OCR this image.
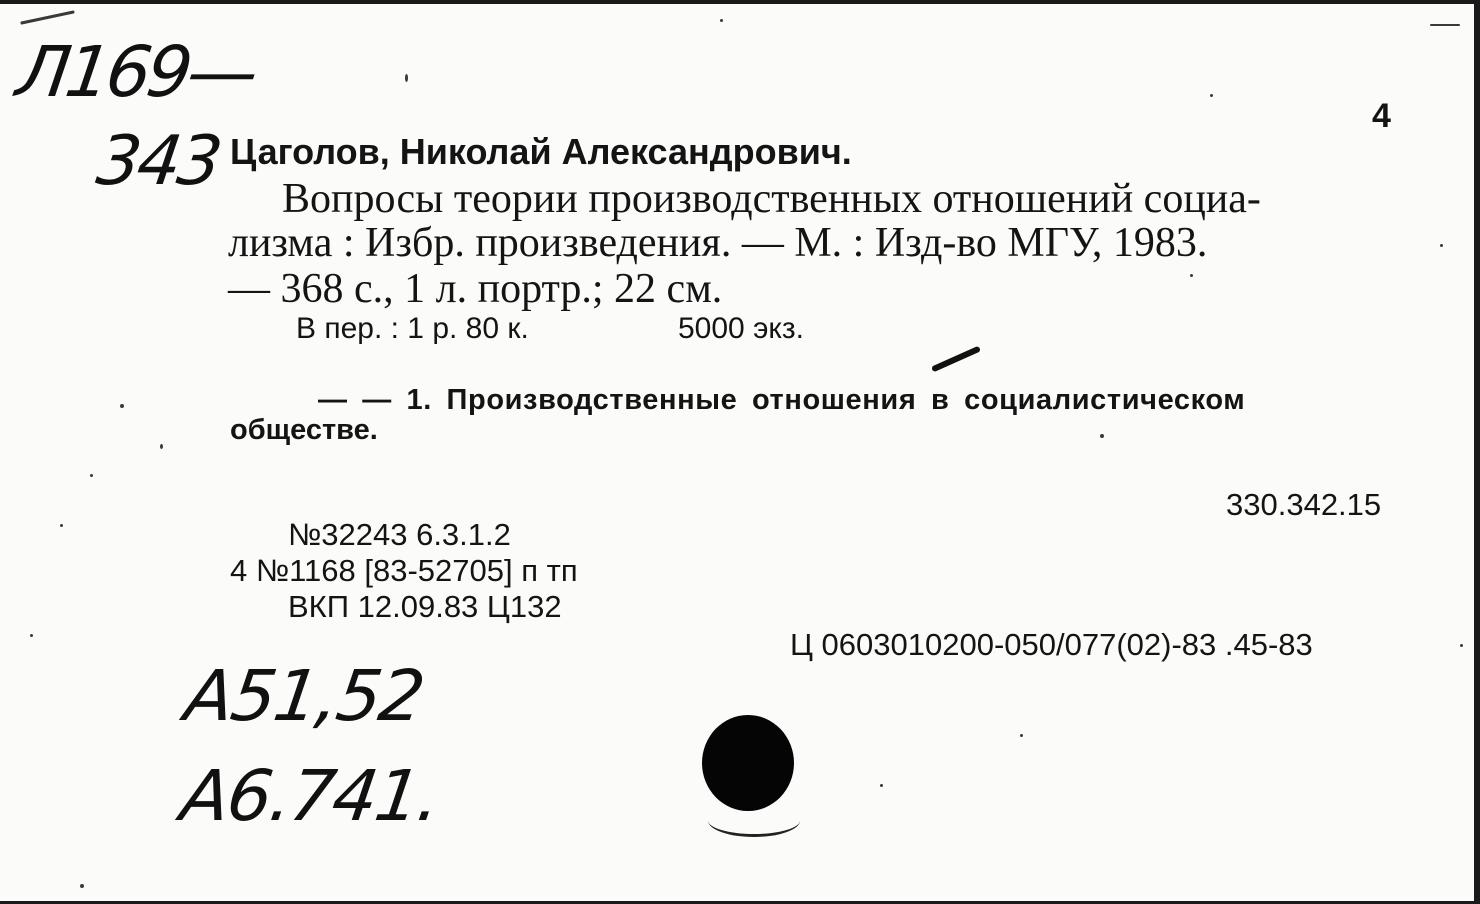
Л169—
343
4
Цаголов, Николай Александрович.
Вопросы теории производственных отношений социа-
лизма : Избр. произведения. — М. : Изд-во МГУ, 1983.
— 368 с., 1 л. портр.; 22 см.
В пер. : 1 р. 80 к.	5000 экз.
— — 1. Производственные отношения в социалистическом
обществе.
330.342.15
№32243 6.3.1.2
4 №1168 [83-52705] п тп
ВКП 12.09.83 Ц132
Ц 0603010200-050/077(02)-83 .45-83
А51,52
А6.741.
